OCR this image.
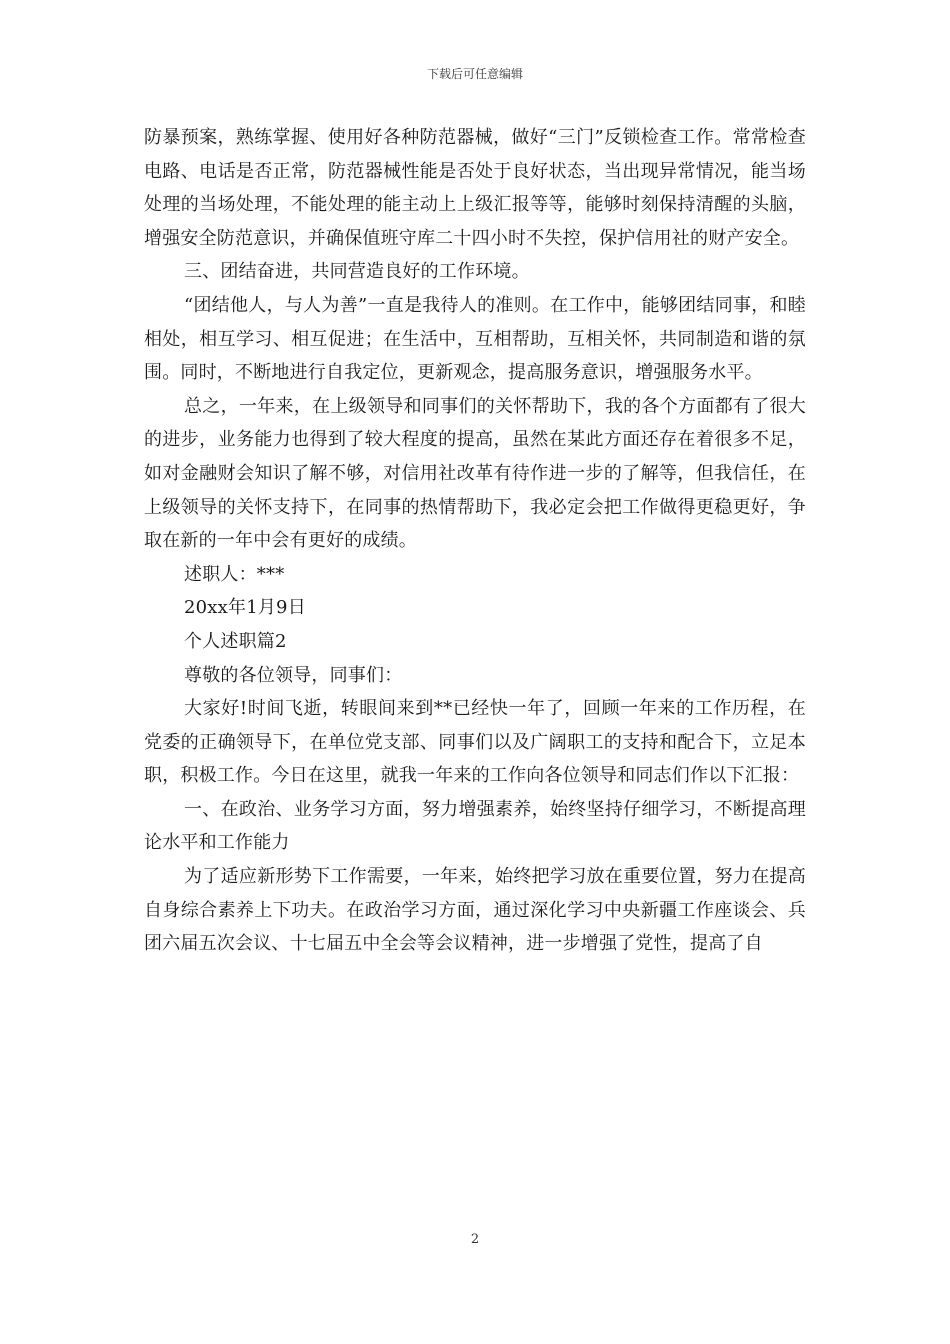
下载后可任意编辑

防暴预案，熟练掌握、使用好各种防范器械，做好“三门”反锁检查工作。常常检查电路、电话是否正常，防范器械性能是否处于良好状态，当出现异常情况，能当场处理的当场处理，不能处理的能主动上上级汇报等等，能够时刻保持清醒的头脑，增强安全防范意识，并确保值班守库二十四小时不失控，保护信用社的财产安全。

三、团结奋进，共同营造良好的工作环境。

“团结他人，与人为善”一直是我待人的准则。在工作中，能够团结同事，和睦相处，相互学习、相互促进；在生活中，互相帮助，互相关怀，共同制造和谐的氛围。同时，不断地进行自我定位，更新观念，提高服务意识，增强服务水平。

总之，一年来，在上级领导和同事们的关怀帮助下，我的各个方面都有了很大的进步，业务能力也得到了较大程度的提高，虽然在某此方面还存在着很多不足，如对金融财会知识了解不够，对信用社改革有待作进一步的了解等，但我信任，在上级领导的关怀支持下，在同事的热情帮助下，我必定会把工作做得更稳更好，争取在新的一年中会有更好的成绩。

述职人：***

20xx年1月9日

个人述职篇2

尊敬的各位领导，同事们：

大家好!时间飞逝，转眼间来到**已经快一年了，回顾一年来的工作历程，在党委的正确领导下，在单位党支部、同事们以及广阔职工的支持和配合下，立足本职，积极工作。今日在这里，就我一年来的工作向各位领导和同志们作以下汇报：

一、在政治、业务学习方面，努力增强素养，始终坚持仔细学习，不断提高理论水平和工作能力

为了适应新形势下工作需要，一年来，始终把学习放在重要位置，努力在提高自身综合素养上下功夫。在政治学习方面，通过深化学习中央新疆工作座谈会、兵团六届五次会议、十七届五中全会等会议精神，进一步增强了党性，提高了自

2
